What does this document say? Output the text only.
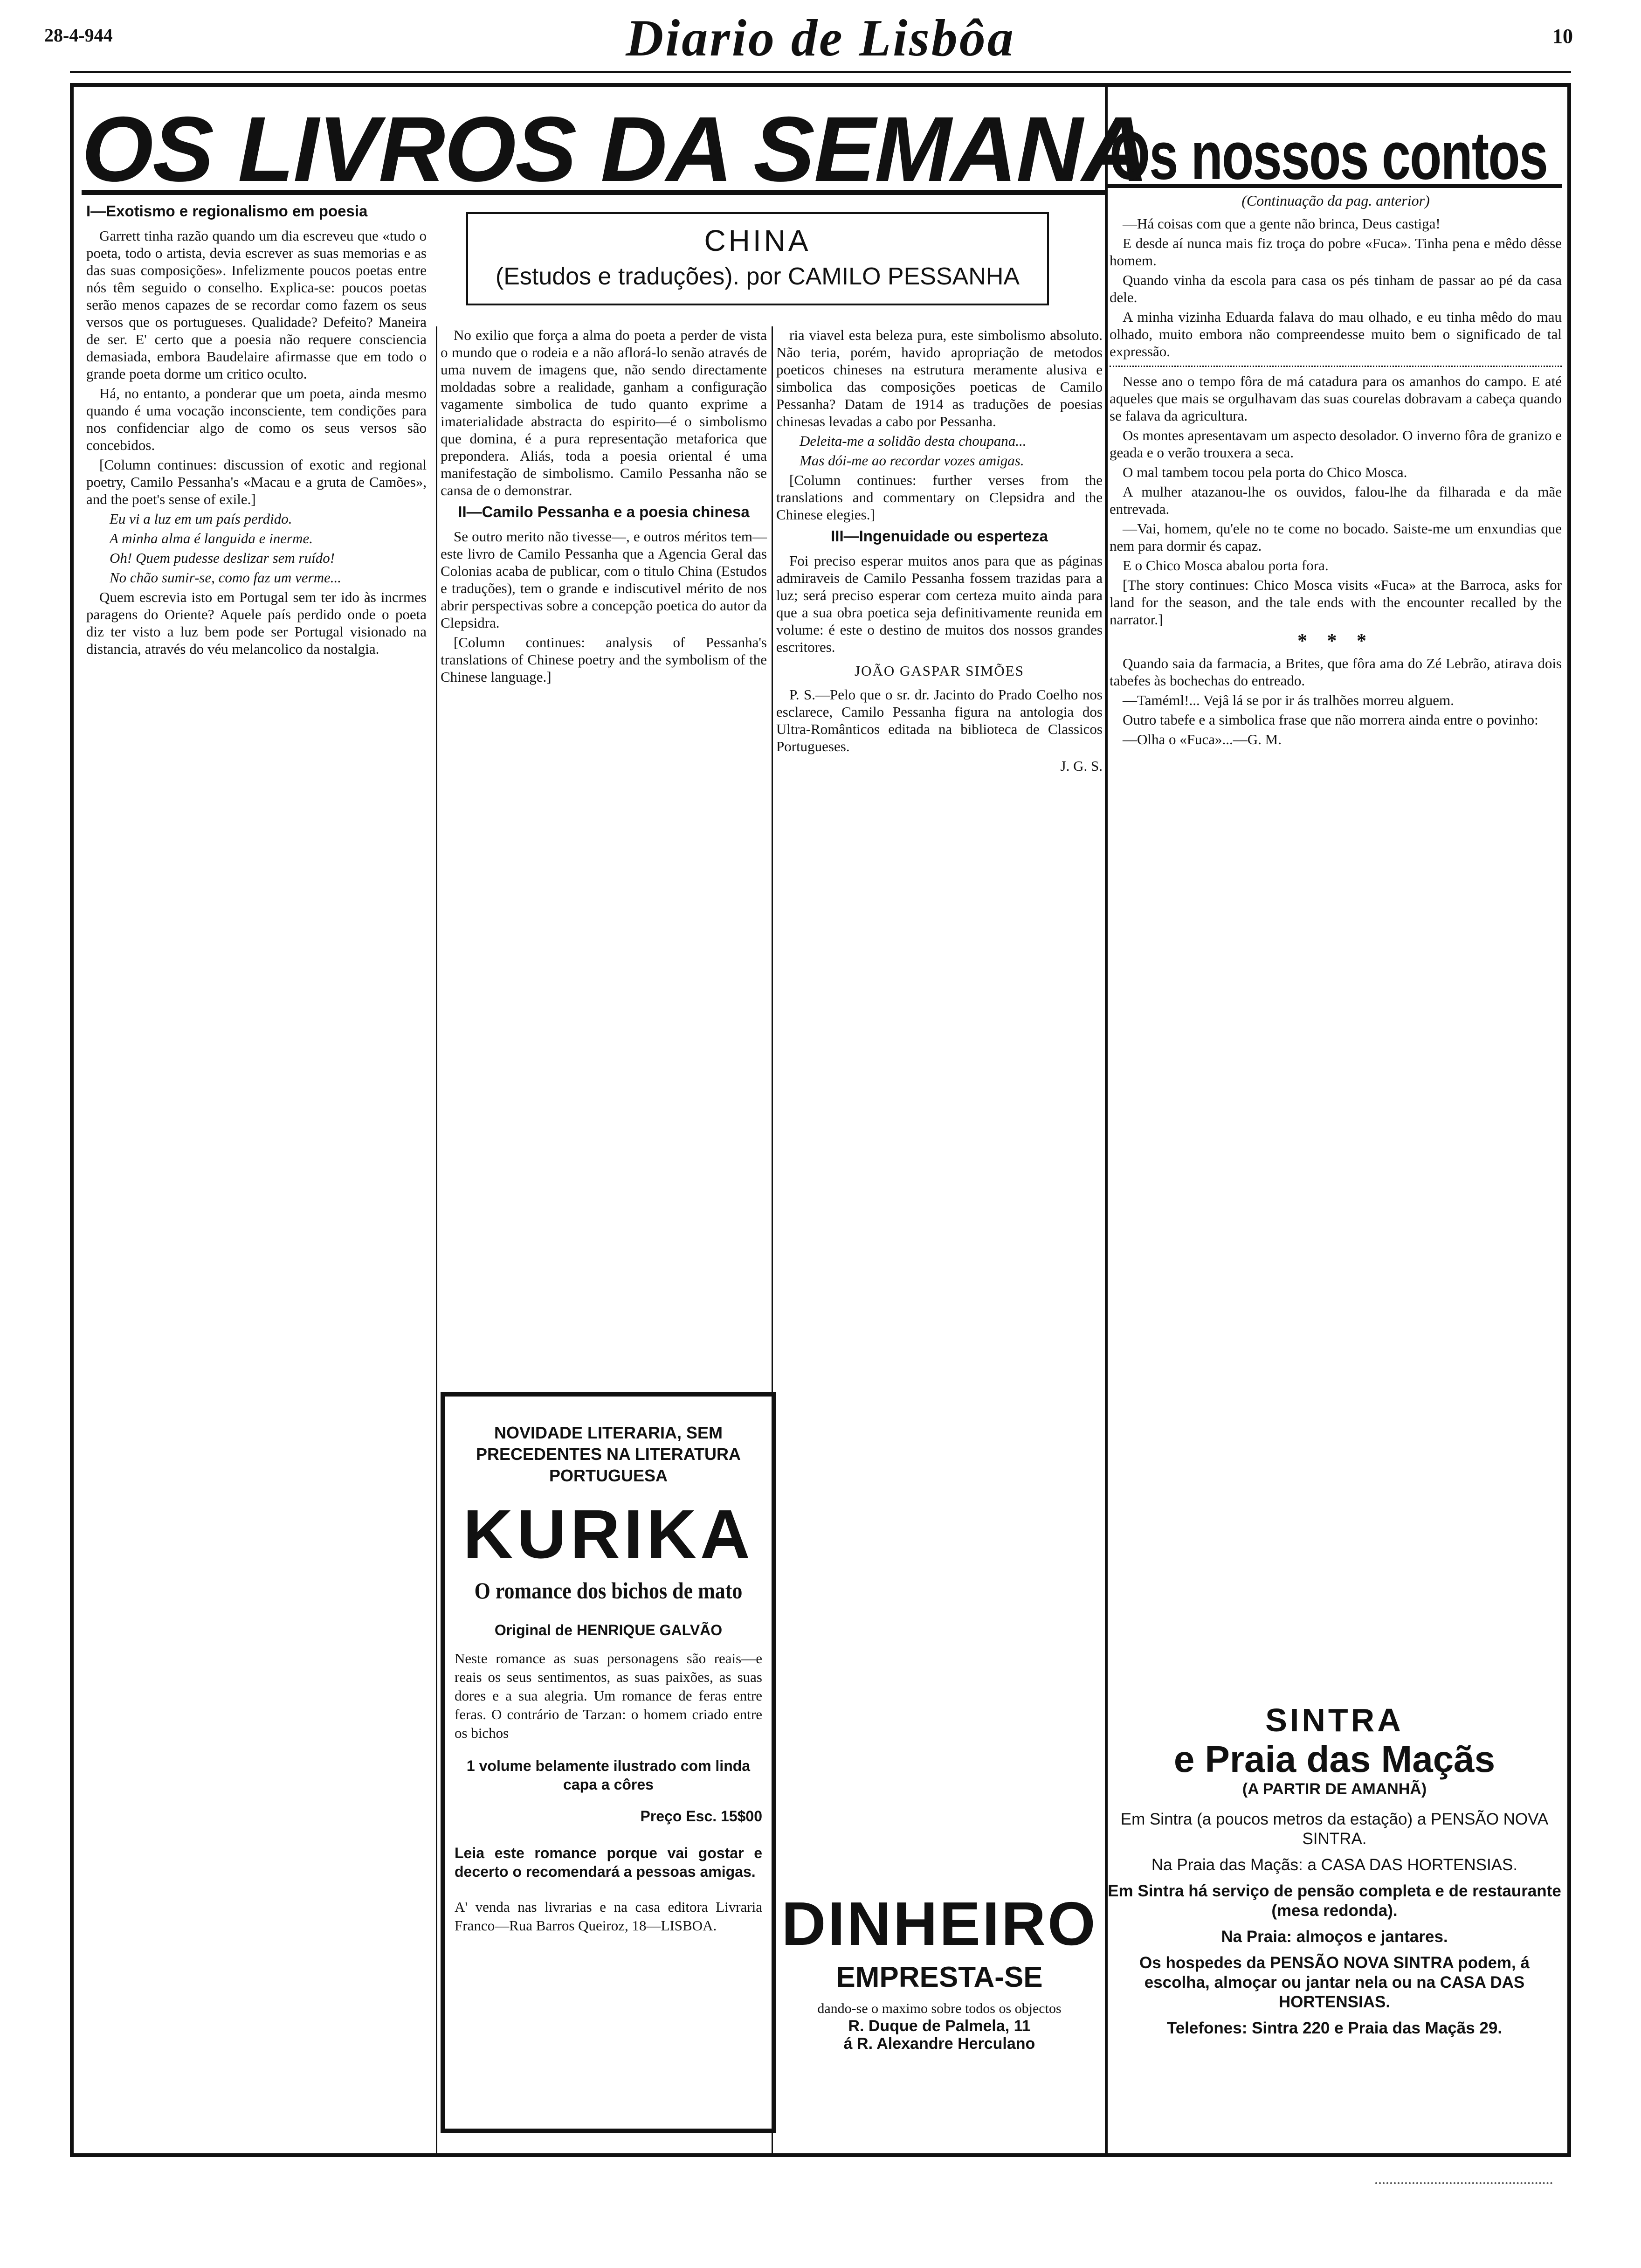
28-4-944	Diario de Lisbôa	10
OS LIVROS DA SEMANA
Os nossos contos
CHINA
(Estudos e traduções). por CAMILO PESSANHA
I—Exotismo e regionalismo em poesia

Garrett tinha razão quando um dia escreveu que «tudo o poeta, todo o artista, devia escrever as suas memorias e as das suas composições». Infelizmente poucos poetas entre nós têm seguido o conselho. Explica-se: poucos poetas serão menos capazes de se recordar como fazem os seus versos que os portugueses. Qualidade? Defeito? Maneira de ser. E' certo que a poesia não requere consciencia demasiada, embora Baudelaire afirmasse que em todo o grande poeta dorme um critico oculto.

Há, no entanto, a ponderar que um poeta, ainda mesmo quando é uma vocação inconsciente, tem condições para nos confidenciar algo de como os seus versos são concebidos.

[Column continues: discussion of exotic and regional poetry, Camilo Pessanha's «Macau e a gruta de Camões», and the poet's sense of exile.]

Eu vi a luz em um país perdido.

A minha alma é languida e inerme.

Oh! Quem pudesse deslizar sem ruído!

No chão sumir-se, como faz um verme...

Quem escrevia isto em Portugal sem ter ido às incrmes paragens do Oriente? Aquele país perdido onde o poeta diz ter visto a luz bem pode ser Portugal visionado na distancia, através do véu melancolico da nostalgia.

No exilio que força a alma do poeta a perder de vista o mundo que o rodeia e a não aflorá-lo senão através de uma nuvem de imagens que, não sendo directamente moldadas sobre a realidade, ganham a configuração vagamente simbolica de tudo quanto exprime a imaterialidade abstracta do espirito—é o simbolismo que domina, é a pura representação metaforica que prepondera. Aliás, toda a poesia oriental é uma manifestação de simbolismo. Camilo Pessanha não se cansa de o demonstrar.

II—Camilo Pessanha e a poesia chinesa

Se outro merito não tivesse—, e outros méritos tem—este livro de Camilo Pessanha que a Agencia Geral das Colonias acaba de publicar, com o titulo China (Estudos e traduções), tem o grande e indiscutivel mérito de nos abrir perspectivas sobre a concepção poetica do autor da Clepsidra.

[Column continues: analysis of Pessanha's translations of Chinese poetry and the symbolism of the Chinese language.]

ria viavel esta beleza pura, este simbolismo absoluto. Não teria, porém, havido apropriação de metodos poeticos chineses na estrutura meramente alusiva e simbolica das composições poeticas de Camilo Pessanha? Datam de 1914 as traduções de poesias chinesas levadas a cabo por Pessanha.

Deleita-me a solidão desta choupana...

Mas dói-me ao recordar vozes amigas.

[Column continues: further verses from the translations and commentary on Clepsidra and the Chinese elegies.]

III—Ingenuidade ou esperteza

Foi preciso esperar muitos anos para que as páginas admiraveis de Camilo Pessanha fossem trazidas para a luz; será preciso esperar com certeza muito ainda para que a sua obra poetica seja definitivamente reunida em volume: é este o destino de muitos dos nossos grandes escritores.

JOÃO GASPAR SIMÕES

P. S.—Pelo que o sr. dr. Jacinto do Prado Coelho nos esclarece, Camilo Pessanha figura na antologia dos Ultra-Românticos editada na biblioteca de Classicos Portugueses.

J. G. S.

NOVIDADE LITERARIA, SEM PRECEDENTES NA LITERATURA PORTUGUESA
KURIKA
O romance dos bichos de mato
Original de HENRIQUE GALVÃO
Neste romance as suas personagens são reais—e reais os seus sentimentos, as suas paixões, as suas dores e a sua alegria. Um romance de feras entre feras. O contrário de Tarzan: o homem criado entre os bichos
1 volume belamente ilustrado com linda capa a côres
Preço Esc. 15$00
Leia este romance porque vai gostar e decerto o recomendará a pessoas amigas.
A' venda nas livrarias e na casa editora Livraria Franco—Rua Barros Queiroz, 18—LISBOA.	DINHEIRO
EMPRESTA-SE
dando-se o maximo sobre todos os objectos
R. Duque de Palmela, 11
á R. Alexandre Herculano
(Continuação da pag. anterior)

—Há coisas com que a gente não brinca, Deus castiga!

E desde aí nunca mais fiz troça do pobre «Fuca». Tinha pena e mêdo dêsse homem.

Quando vinha da escola para casa os pés tinham de passar ao pé da casa dele.

A minha vizinha Eduarda falava do mau olhado, e eu tinha mêdo do mau olhado, muito embora não compreendesse muito bem o significado de tal expressão.

Nesse ano o tempo fôra de má catadura para os amanhos do campo. E até aqueles que mais se orgulhavam das suas courelas dobravam a cabeça quando se falava da agricultura.

Os montes apresentavam um aspecto desolador. O inverno fôra de granizo e geada e o verão trouxera a seca.

O mal tambem tocou pela porta do Chico Mosca.

A mulher atazanou-lhe os ouvidos, falou-lhe da filharada e da mãe entrevada.

—Vai, homem, qu'ele no te come no bocado. Saiste-me um enxundias que nem para dormir és capaz.

E o Chico Mosca abalou porta fora.

[The story continues: Chico Mosca visits «Fuca» at the Barroca, asks for land for the season, and the tale ends with the encounter recalled by the narrator.]

* * *

Quando saia da farmacia, a Brites, que fôra ama do Zé Lebrão, atirava dois tabefes às bochechas do entreado.

—Taméml!... Vejâ lá se por ir ás tralhões morreu alguem.

Outro tabefe e a simbolica frase que não morrera ainda entre o povinho:

—Olha o «Fuca»...—G. M.

SINTRA
e Praia das Maçãs
(A PARTIR DE AMANHÃ)
Em Sintra (a poucos metros da estação) a PENSÃO NOVA SINTRA.
Na Praia das Maçãs: a CASA DAS HORTENSIAS.
Em Sintra há serviço de pensão completa e de restaurante (mesa redonda).
Na Praia: almoços e jantares.
Os hospedes da PENSÃO NOVA SINTRA podem, á escolha, almoçar ou jantar nela ou na CASA DAS HORTENSIAS.
Telefones: Sintra 220 e Praia das Maçãs 29.
